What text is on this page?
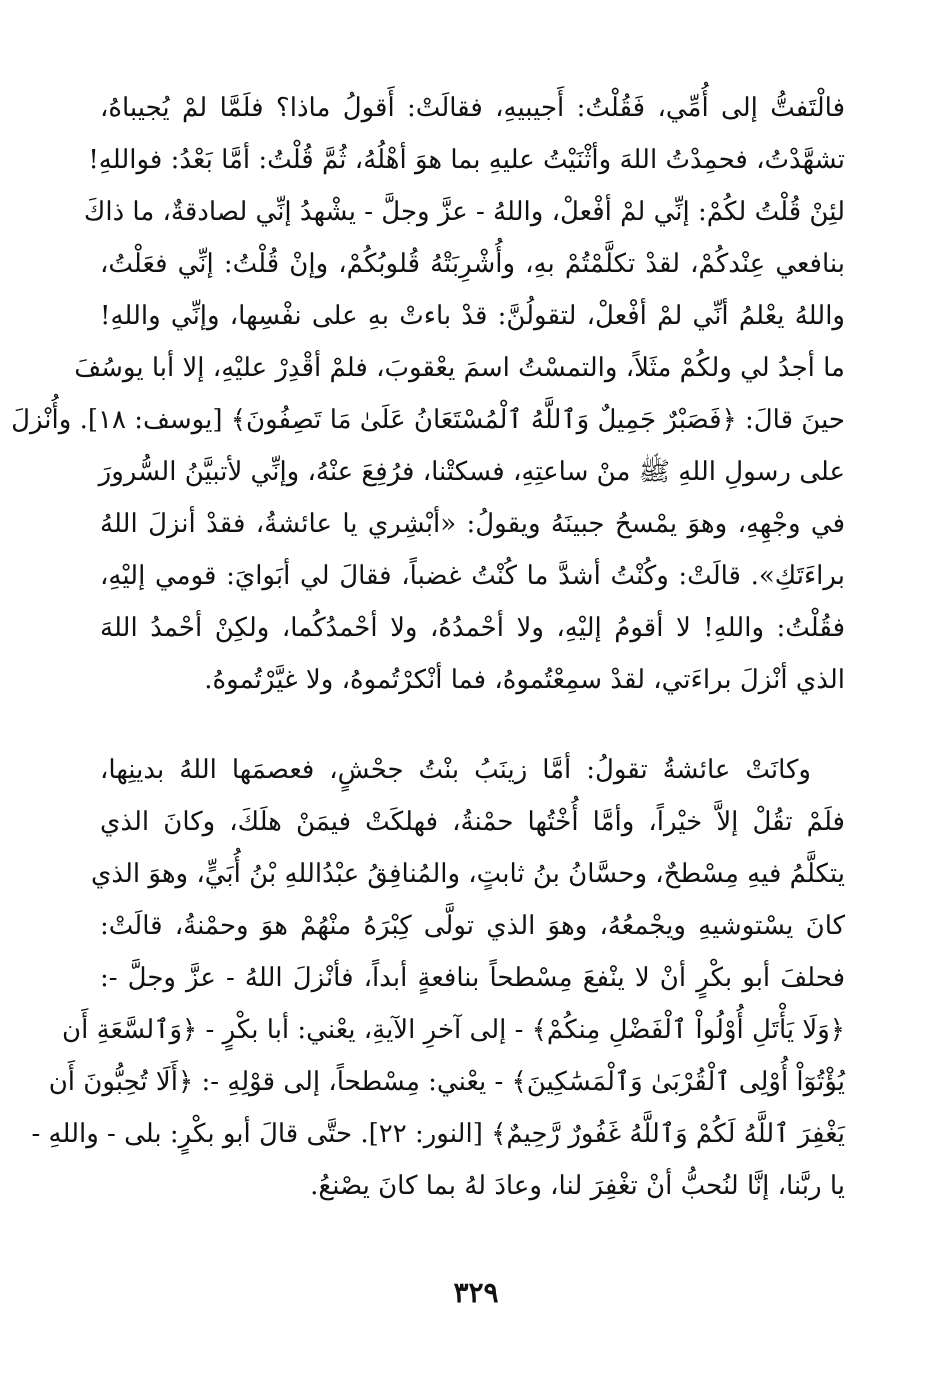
فالْتَفتُّ إلى أُمِّي، فَقُلْتُ: أَجيبيهِ، فقالَتْ: أَقولُ ماذا؟ فلَمَّا لمْ يُجيباهُ،
تشهَّدْتُ، فحمِدْتُ اللهَ وأثْنَيْتُ عليهِ بما هوَ أهْلُهُ، ثُمَّ قُلْتُ: أمَّا بَعْدُ: فواللهِ!
لئِنْ قُلْتُ لكُمْ: إنِّي لمْ أفْعلْ، واللهُ - عزَّ وجلَّ - يشْهدُ إنِّي لصادقةٌ، ما ذاكَ
بنافعي عِنْدكُمْ، لقدْ تكلَّمْتُمْ بهِ، وأُشْرِبَتْهُ قُلوبُكُمْ، وإنْ قُلْتُ: إنِّي فعَلْتُ،
واللهُ يعْلمُ أنِّي لمْ أفْعلْ، لتقولُنَّ: قدْ باءتْ بهِ على نفْسِها، وإنِّي واللهِ!
ما أجدُ لي ولكُمْ مثَلاً، والتمسْتُ اسمَ يعْقوبَ، فلمْ أقْدِرْ عليْهِ، إلا أبا يوسُفَ
حينَ قالَ: ﴿فَصَبْرٌ جَمِيلٌ وَٱللَّهُ ٱلْمُسْتَعَانُ عَلَىٰ مَا تَصِفُونَ﴾ [يوسف: ١٨]. وأُنْزلَ
على رسولِ اللهِ ﷺ منْ ساعتِهِ، فسكتْنا، فرُفِعَ عنْهُ، وإنِّي لأتبيَّنُ السُّرورَ
في وجْهِهِ، وهوَ يمْسحُ جبينَهُ ويقولُ: «أبْشِري يا عائشةُ، فقدْ أنزلَ اللهُ
براءَتَكِ». قالَتْ: وكُنْتُ أشدَّ ما كُنْتُ غضباً، فقالَ لي أبَوايَ: قومي إليْهِ،
فقُلْتُ: واللهِ! لا أقومُ إليْهِ، ولا أحْمدُهُ، ولا أحْمدُكُما، ولكِنْ أحْمدُ اللهَ
الذي أنْزلَ براءَتي، لقدْ سمِعْتُموهُ، فما أنْكرْتُموهُ، ولا غيَّرْتُموهُ.
وكانَتْ عائشةُ تقولُ: أمَّا زينَبُ بنْتُ جحْشٍ، فعصمَها اللهُ بدينِها،
فلَمْ تقُلْ إلاَّ خيْراً، وأمَّا أُخْتُها حمْنةُ، فهلكَتْ فيمَنْ هلَكَ، وكانَ الذي
يتكلَّمُ فيهِ مِسْطحٌ، وحسَّانُ بنُ ثابتٍ، والمُنافِقُ عبْدُاللهِ بْنُ أُبَيٍّ، وهوَ الذي
كانَ يسْتوشيهِ ويجْمعُهُ، وهوَ الذي تولَّى كِبْرَهُ منْهُمْ هوَ وحمْنةُ، قالَتْ:
فحلفَ أبو بكْرٍ أنْ لا ينْفعَ مِسْطحاً بنافعةٍ أبداً، فأنْزلَ اللهُ - عزَّ وجلَّ -:
﴿وَلَا يَأْتَلِ أُوْلُواْ ٱلْفَضْلِ مِنكُمْ﴾ - إلى آخرِ الآيةِ، يعْني: أبا بكْرٍ - ﴿وَٱلسَّعَةِ أَن
يُؤْتُوٓاْ أُوْلِى ٱلْقُرْبَىٰ وَٱلْمَسَٰكِينَ﴾ - يعْني: مِسْطحاً، إلى قوْلِهِ -: ﴿أَلَا تُحِبُّونَ أَن
يَغْفِرَ ٱللَّهُ لَكُمْ وَٱللَّهُ غَفُورٌ رَّحِيمٌ﴾ [النور: ٢٢]. حتَّى قالَ أبو بكْرٍ: بلى - واللهِ -
يا ربَّنا، إنَّا لنُحبُّ أنْ تغْفِرَ لنا، وعادَ لهُ بما كانَ يصْنعُ.
٣٢٩
